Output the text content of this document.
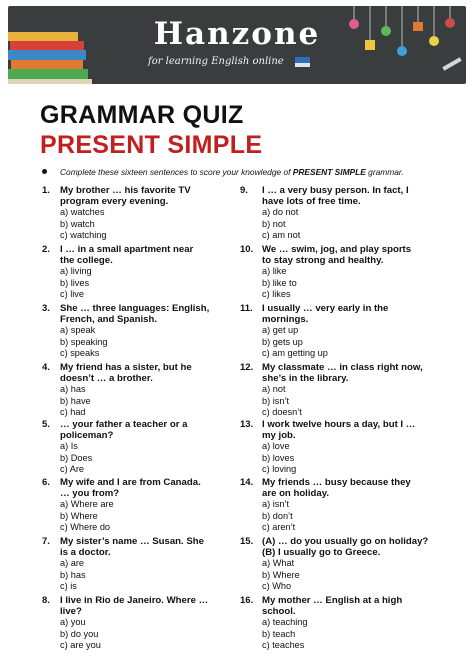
Hanzone
for learning English online
GRAMMAR QUIZ
PRESENT SIMPLE
Complete these sixteen sentences to score your knowledge of PRESENT SIMPLE grammar.
1. My brother … his favorite TV
program every evening.
a) watches
b) watch
c) watching
2. I … in a small apartment near
the college.
a) living
b) lives
c) live
3. She … three languages: English,
French, and Spanish.
a) speak
b) speaking
c) speaks
4. My friend has a sister, but he
doesn’t … a brother.
a) has
b) have
c) had
5. … your father a teacher or a
policeman?
a) Is
b) Does
c) Are
6. My wife and I are from Canada.
… you from?
a) Where are
b) Where
c) Where do
7. My sister’s name … Susan. She
is a doctor.
a) are
b) has
c) is
8. I live in Rio de Janeiro. Where …
live?
a) you
b) do you
c) are you
9. I … a very busy person. In fact, I
have lots of free time.
a) do not
b) not
c) am not
10. We … swim, jog, and play sports
to stay strong and healthy.
a) like
b) like to
c) likes
11. I usually … very early in the
mornings.
a) get up
b) gets up
c) am getting up
12. My classmate … in class right now,
she’s in the library.
a) not
b) isn’t
c) doesn’t
13. I work twelve hours a day, but I …
my job.
a) love
b) loves
c) loving
14. My friends … busy because they
are on holiday.
a) isn’t
b) don’t
c) aren’t
15. (A) … do you usually go on holiday?
(B) I usually go to Greece.
a) What
b) Where
c) Who
16. My mother … English at a high
school.
a) teaching
b) teach
c) teaches
